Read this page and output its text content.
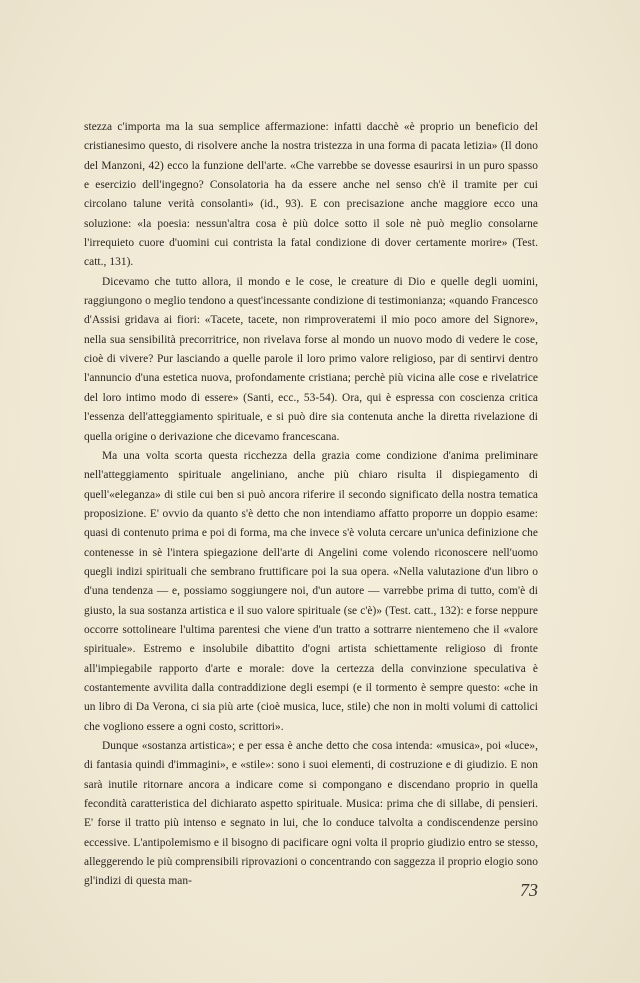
stezza c'importa ma la sua semplice affermazione: infatti dacchè «è proprio un beneficio del cristianesimo questo, di risolvere anche la nostra tristezza in una forma di pacata letizia» (Il dono del Manzoni, 42) ecco la funzione dell'arte. «Che varrebbe se dovesse esaurirsi in un puro spasso e esercizio dell'ingegno? Consolatoria ha da essere anche nel senso ch'è il tramite per cui circolano talune verità consolanti» (id., 93). E con precisazione anche maggiore ecco una soluzione: «la poesia: nessun'altra cosa è più dolce sotto il sole nè può meglio consolarne l'irrequieto cuore d'uomini cui contrista la fatal condizione di dover certamente morire» (Test. catt., 131).

Dicevamo che tutto allora, il mondo e le cose, le creature di Dio e quelle degli uomini, raggiungono o meglio tendono a quest'incessante condizione di testimonianza; «quando Francesco d'Assisi gridava ai fiori: «Tacete, tacete, non rimproveratemi il mio poco amore del Signore», nella sua sensibilità precorritrice, non rivelava forse al mondo un nuovo modo di vedere le cose, cioè di vivere? Pur lasciando a quelle parole il loro primo valore religioso, par di sentirvi dentro l'annuncio d'una estetica nuova, profondamente cristiana; perchè più vicina alle cose e rivelatrice del loro intimo modo di essere» (Santi, ecc., 53-54). Ora, qui è espressa con coscienza critica l'essenza dell'atteggiamento spirituale, e si può dire sia contenuta anche la diretta rivelazione di quella origine o derivazione che dicevamo francescana.

Ma una volta scorta questa ricchezza della grazia come condizione d'anima preliminare nell'atteggiamento spirituale angeliniano, anche più chiaro risulta il dispiegamento di quell'«eleganza» di stile cui ben si può ancora riferire il secondo significato della nostra tematica proposizione. E' ovvio da quanto s'è detto che non intendiamo affatto proporre un doppio esame: quasi di contenuto prima e poi di forma, ma che invece s'è voluta cercare un'unica definizione che contenesse in sè l'intera spiegazione dell'arte di Angelini come volendo riconoscere nell'uomo quegli indizi spirituali che sembrano fruttificare poi la sua opera. «Nella valutazione d'un libro o d'una tendenza — e, possiamo soggiungere noi, d'un autore — varrebbe prima di tutto, com'è di giusto, la sua sostanza artistica e il suo valore spirituale (se c'è)» (Test. catt., 132): e forse neppure occorre sottolineare l'ultima parentesi che viene d'un tratto a sottrarre nientemeno che il «valore spirituale». Estremo e insolubile dibattito d'ogni artista schiettamente religioso di fronte all'impiegabile rapporto d'arte e morale: dove la certezza della convinzione speculativa è costantemente avvilita dalla contraddizione degli esempi (e il tormento è sempre questo: «che in un libro di Da Verona, ci sia più arte (cioè musica, luce, stile) che non in molti volumi di cattolici che vogliono essere a ogni costo, scrittori».

Dunque «sostanza artistica»; e per essa è anche detto che cosa intenda: «musica», poi «luce», di fantasia quindi d'immagini», e «stile»: sono i suoi elementi, di costruzione e di giudizio. E non sarà inutile ritornare ancora a indicare come si compongano e discendano proprio in quella fecondità caratteristica del dichiarato aspetto spirituale. Musica: prima che di sillabe, di pensieri. E' forse il tratto più intenso e segnato in lui, che lo conduce talvolta a condiscendenze persino eccessive. L'antipolemismo e il bisogno di pacificare ogni volta il proprio giudizio entro se stesso, alleggerendo le più comprensibili riprovazioni o concentrando con saggezza il proprio elogio sono gl'indizi di questa man-	73
